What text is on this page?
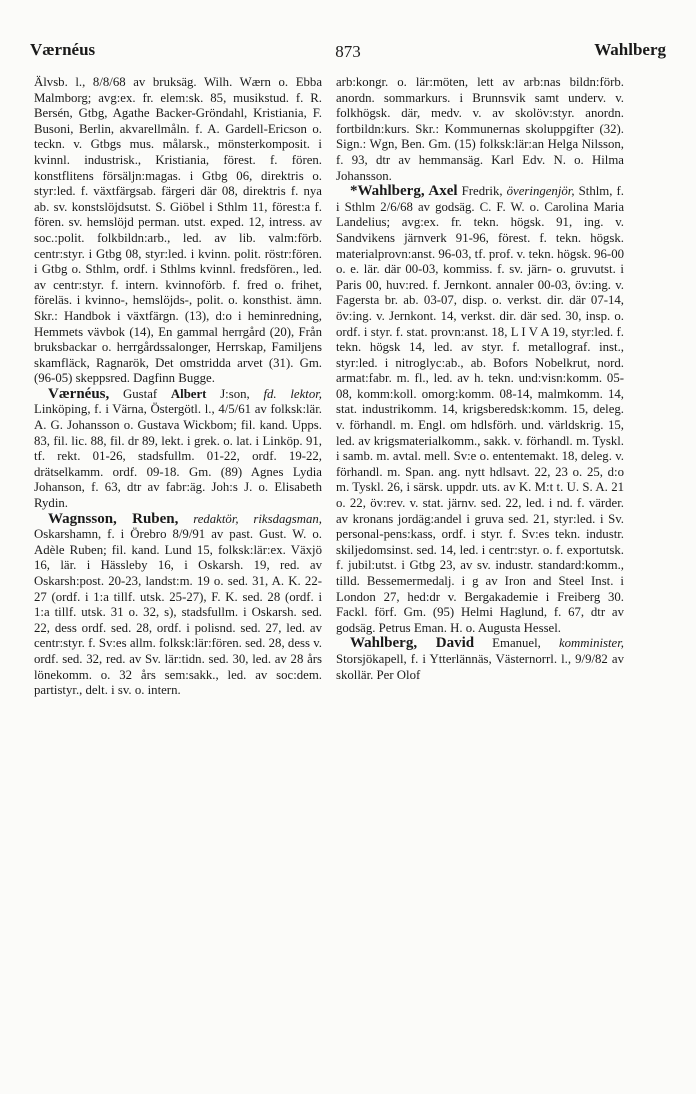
Værnéus	873	Wahlberg

Älvsb. l., 8/8/68 av bruksäg. Wilh. Wærn o. Ebba Malmborg; avg:ex. fr. elem:sk. 85, musikstud. f. R. Bersén, Gtbg, Agathe Backer-Gröndahl, Kristiania, F. Busoni, Berlin, akvarellmåln. f. A. Gardell-Ericson o. teckn. v. Gtbgs mus. målarsk., mönsterkomposit. i kvinnl. industrisk., Kristiania, förest. f. fören. konstflitens försäljn:magas. i Gtbg 06, direktris o. styr:led. f. växtfärgsab. färgeri där 08, direktris f. nya ab. sv. konstslöjdsutst. S. Giöbel i Sthlm 11, förest:a f. fören. sv. hemslöjd perman. utst. exped. 12, intress. av soc.:polit. folkbildn:arb., led. av lib. valm:förb. centr:styr. i Gtbg 08, styr:led. i kvinn. polit. röstr:fören. i Gtbg o. Sthlm, ordf. i Sthlms kvinnl. fredsfören., led. av centr:styr. f. intern. kvinnoförb. f. fred o. frihet, föreläs. i kvinno-, hemslöjds-, polit. o. konsthist. ämn. Skr.: Handbok i växtfärgn. (13), d:o i heminredning, Hemmets vävbok (14), En gammal herrgård (20), Från bruksbackar o. herrgårdssalonger, Herrskap, Familjens skamfläck, Ragnarök, Det omstridda arvet (31). Gm. (96-05) skeppsred. Dagfinn Bugge.

Værnéus, Gustaf Albert J:son, fd. lektor, Linköping, f. i Värna, Östergötl. l., 4/5/61 av folksk:lär. A. G. Johansson o. Gustava Wickbom; fil. kand. Upps. 83, fil. lic. 88, fil. dr 89, lekt. i grek. o. lat. i Linköp. 91, tf. rekt. 01-26, stadsfullm. 01-22, ordf. 19-22, drätselkamm. ordf. 09-18. Gm. (89) Agnes Lydia Johanson, f. 63, dtr av fabr:äg. Joh:s J. o. Elisabeth Rydin.

Wagnsson, Ruben, redaktör, riksdagsman, Oskarshamn, f. i Örebro 8/9/91 av past. Gust. W. o. Adèle Ruben; fil. kand. Lund 15, folksk:lär:ex. Växjö 16, lär. i Hässleby 16, i Oskarsh. 19, red. av Oskarsh:post. 20-23, landst:m. 19 o. sed. 31, A. K. 22-27 (ordf. i 1:a tillf. utsk. 25-27), F. K. sed. 28 (ordf. i 1:a tillf. utsk. 31 o. 32, s), stadsfullm. i Oskarsh. sed. 22, dess ordf. sed. 28, ordf. i polisnd. sed. 27, led. av centr:styr. f. Sv:es allm. folksk:lär:fören. sed. 28, dess v. ordf. sed. 32, red. av Sv. lär:tidn. sed. 30, led. av 28 års lönekomm. o. 32 års sem:sakk., led. av soc:dem. partistyr., delt. i sv. o. intern.

arb:kongr. o. lär:möten, lett av arb:nas bildn:förb. anordn. sommarkurs. i Brunnsvik samt underv. v. folkhögsk. där, medv. v. av skolöv:styr. anordn. fortbildn:kurs. Skr.: Kommunernas skoluppgifter (32). Sign.: Wgn, Ben. Gm. (15) folksk:lär:an Helga Nilsson, f. 93, dtr av hemmansäg. Karl Edv. N. o. Hilma Johansson.

*Wahlberg, Axel Fredrik, överingenjör, Sthlm, f. i Sthlm 2/6/68 av godsäg. C. F. W. o. Carolina Maria Landelius; avg:ex. fr. tekn. högsk. 91, ing. v. Sandvikens järnverk 91-96, förest. f. tekn. högsk. materialprovn:anst. 96-03, tf. prof. v. tekn. högsk. 96-00 o. e. lär. där 00-03, kommiss. f. sv. järn- o. gruvutst. i Paris 00, huv:red. f. Jernkont. annaler 00-03, öv:ing. v. Fagersta br. ab. 03-07, disp. o. verkst. dir. där 07-14, öv:ing. v. Jernkont. 14, verkst. dir. där sed. 30, insp. o. ordf. i styr. f. stat. provn:anst. 18, L I V A 19, styr:led. f. tekn. högsk 14, led. av styr. f. metallograf. inst., styr:led. i nitroglyc:ab., ab. Bofors Nobelkrut, nord. armat:fabr. m. fl., led. av h. tekn. und:visn:komm. 05-08, komm:koll. omorg:komm. 08-14, malmkomm. 14, stat. industrikomm. 14, krigsberedsk:komm. 15, deleg. v. förhandl. m. Engl. om hdlsförh. und. världskrig. 15, led. av krigsmaterialkomm., sakk. v. förhandl. m. Tyskl. i samb. m. avtal. mell. Sv:e o. ententemakt. 18, deleg. v. förhandl. m. Span. ang. nytt hdlsavt. 22, 23 o. 25, d:o m. Tyskl. 26, i särsk. uppdr. uts. av K. M:t t. U. S. A. 21 o. 22, öv:rev. v. stat. järnv. sed. 22, led. i nd. f. värder. av kronans jordäg:andel i gruva sed. 21, styr:led. i Sv. personal-pens:kass, ordf. i styr. f. Sv:es tekn. industr. skiljedomsinst. sed. 14, led. i centr:styr. o. f. exportutsk. f. jubil:utst. i Gtbg 23, av sv. industr. standard:komm., tilld. Bessemermedalj. i g av Iron and Steel Inst. i London 27, hed:dr v. Bergakademie i Freiberg 30. Fackl. förf. Gm. (95) Helmi Haglund, f. 67, dtr av godsäg. Petrus Eman. H. o. Augusta Hessel.

Wahlberg, David Emanuel, komminister, Storsjökapell, f. i Ytterlännäs, Västernorrl. l., 9/9/82 av skollär. Per Olof
